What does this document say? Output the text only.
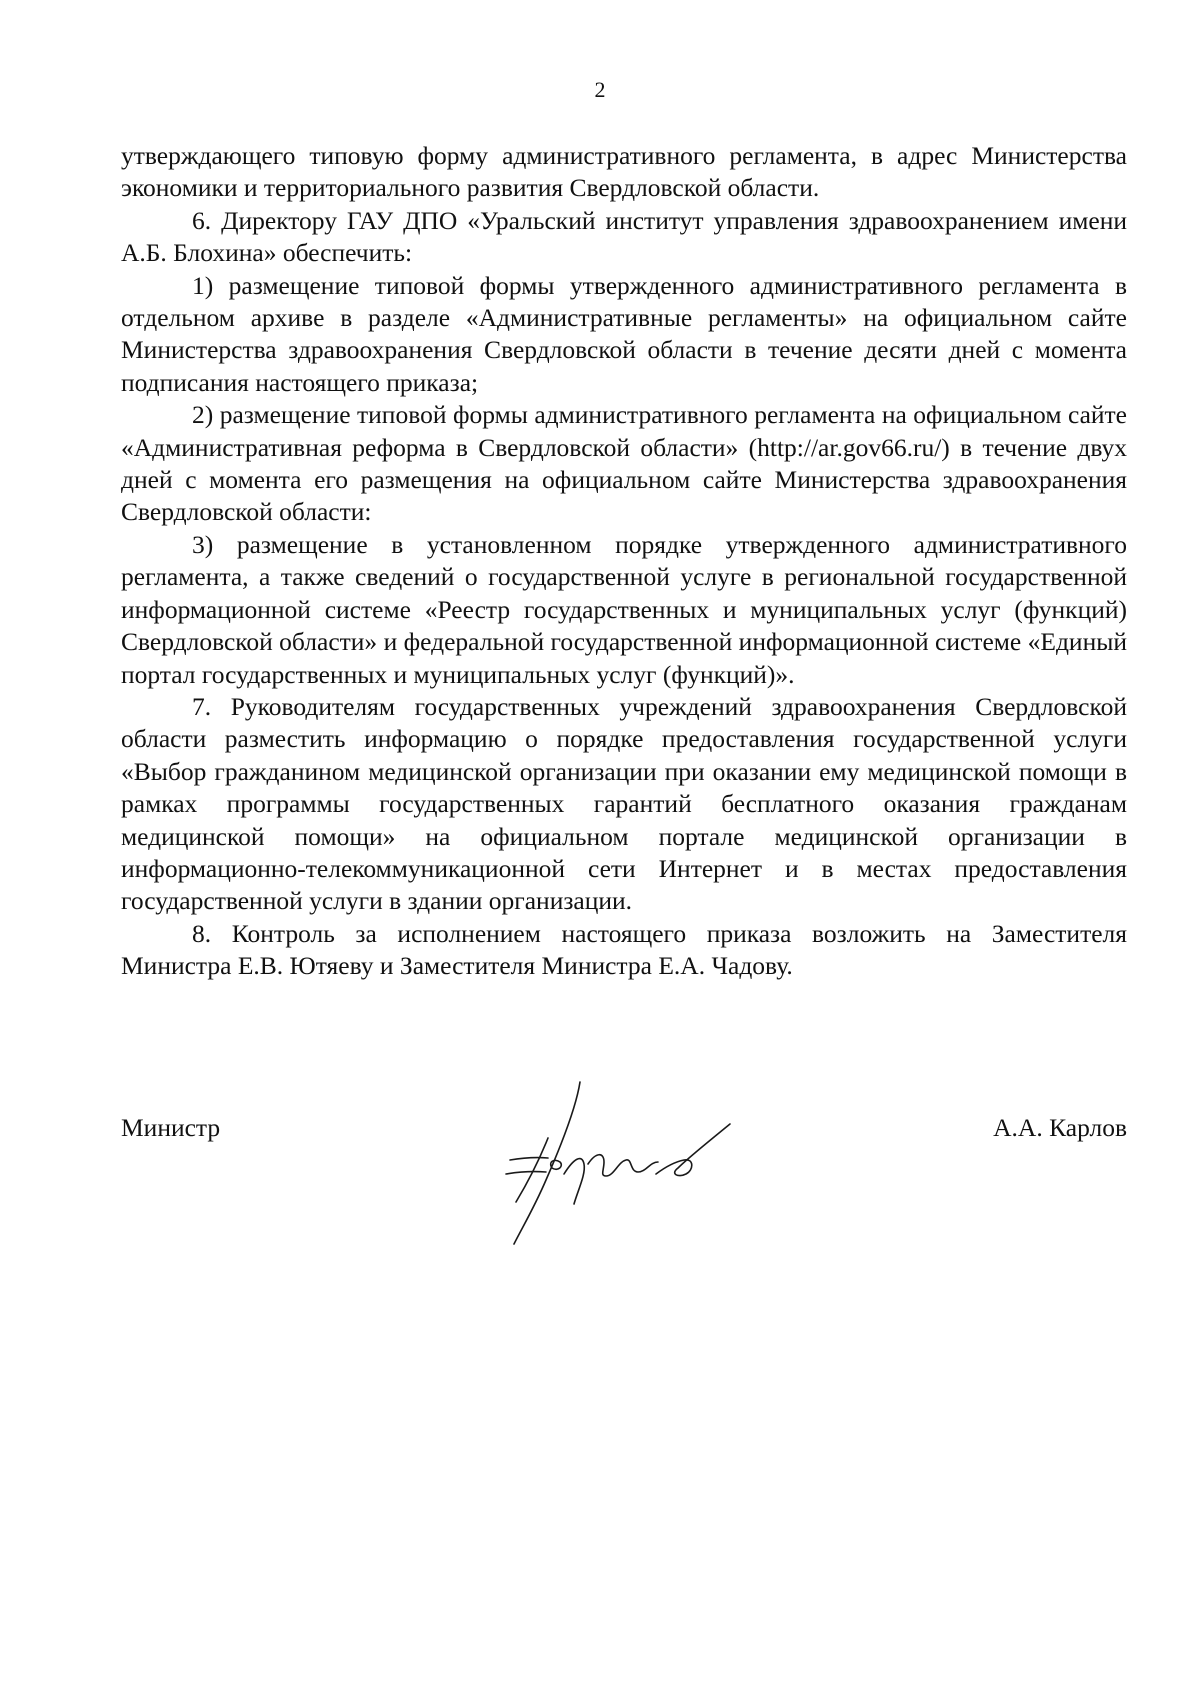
2

утверждающего типовую форму административного регламента, в адрес Министерства экономики и территориального развития Свердловской области.

6. Директору ГАУ ДПО «Уральский институт управления здравоохранением имени А.Б. Блохина» обеспечить:

1) размещение типовой формы утвержденного административного регламента в отдельном архиве в разделе «Административные регламенты» на официальном сайте Министерства здравоохранения Свердловской области в течение десяти дней с момента подписания настоящего приказа;

2) размещение типовой формы административного регламента на официальном сайте «Административная реформа в Свердловской области» (http://ar.gov66.ru/) в течение двух дней с момента его размещения на официальном сайте Министерства здравоохранения Свердловской области:

3) размещение в установленном порядке утвержденного административного регламента, а также сведений о государственной услуге в региональной государственной информационной системе «Реестр государственных и муниципальных услуг (функций) Свердловской области» и федеральной государственной информационной системе «Единый портал государственных и муниципальных услуг (функций)».

7. Руководителям государственных учреждений здравоохранения Свердловской области разместить информацию о порядке предоставления государственной услуги «Выбор гражданином медицинской организации при оказании ему медицинской помощи в рамках программы государственных гарантий бесплатного оказания гражданам медицинской помощи» на официальном портале медицинской организации в информационно-телекоммуникационной сети Интернет и в местах предоставления государственной услуги в здании организации.

8. Контроль за исполнением настоящего приказа возложить на Заместителя Министра Е.В. Ютяеву и Заместителя Министра Е.А. Чадову.

Министр	А.А. Карлов
